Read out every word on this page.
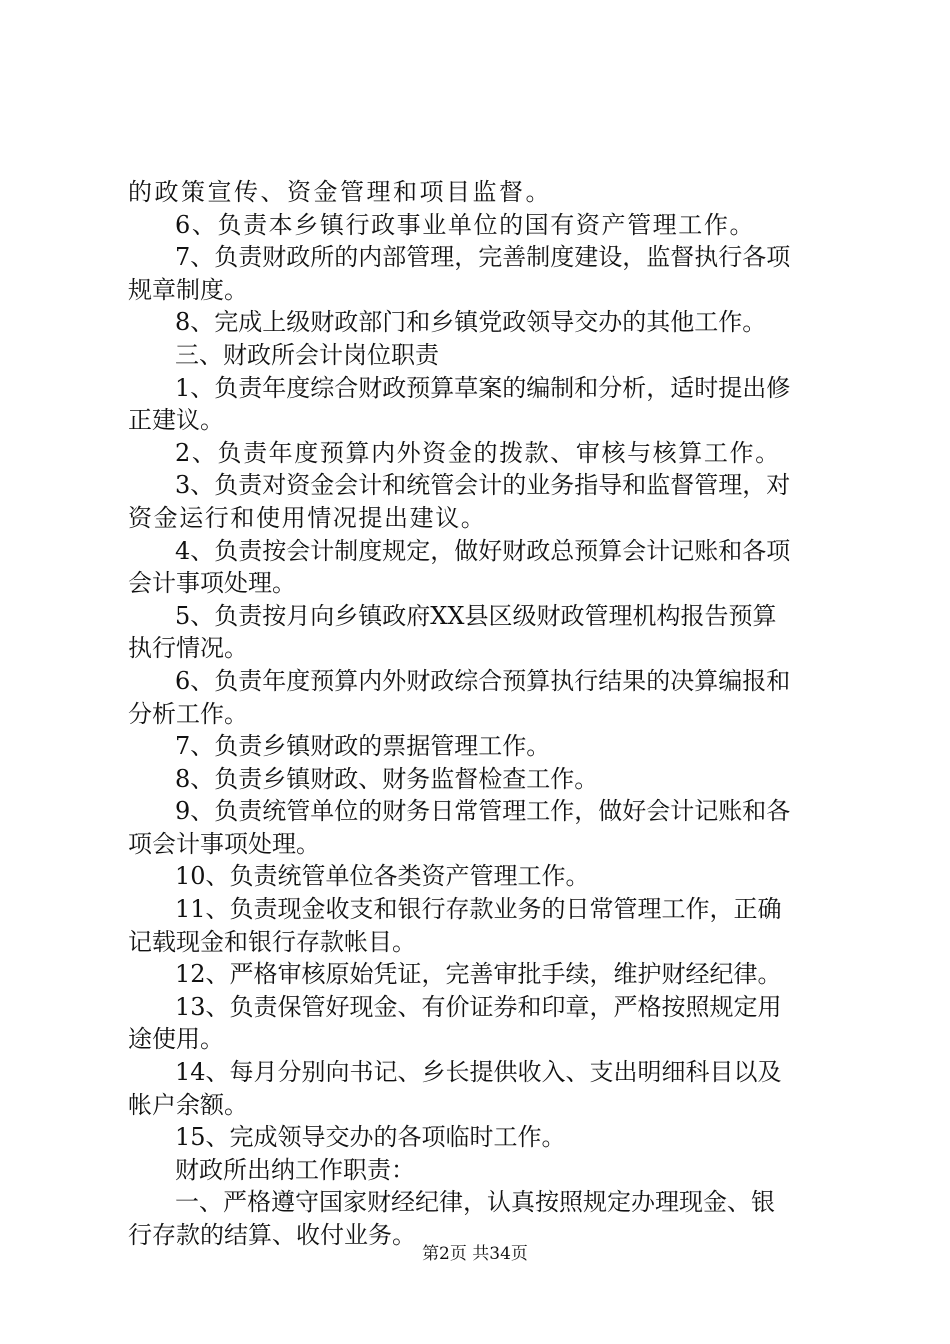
的政策宣传、资金管理和项目监督。
6、负责本乡镇行政事业单位的国有资产管理工作。
7、负责财政所的内部管理，完善制度建设，监督执行各项
规章制度。
8、完成上级财政部门和乡镇党政领导交办的其他工作。
三、财政所会计岗位职责
1、负责年度综合财政预算草案的编制和分析，适时提出修
正建议。
2、负责年度预算内外资金的拨款、审核与核算工作。
3、负责对资金会计和统管会计的业务指导和监督管理，对
资金运行和使用情况提出建议。
4、负责按会计制度规定，做好财政总预算会计记账和各项
会计事项处理。
5、负责按月向乡镇政府XX县区级财政管理机构报告预算
执行情况。
6、负责年度预算内外财政综合预算执行结果的决算编报和
分析工作。
7、负责乡镇财政的票据管理工作。
8、负责乡镇财政、财务监督检查工作。
9、负责统管单位的财务日常管理工作，做好会计记账和各
项会计事项处理。
10、负责统管单位各类资产管理工作。
11、负责现金收支和银行存款业务的日常管理工作，正确
记载现金和银行存款帐目。
12、严格审核原始凭证，完善审批手续，维护财经纪律。
13、负责保管好现金、有价证券和印章，严格按照规定用
途使用。
14、每月分别向书记、乡长提供收入、支出明细科目以及
帐户余额。
15、完成领导交办的各项临时工作。
财政所出纳工作职责：
一、严格遵守国家财经纪律，认真按照规定办理现金、银
行存款的结算、收付业务。
第2页 共34页
